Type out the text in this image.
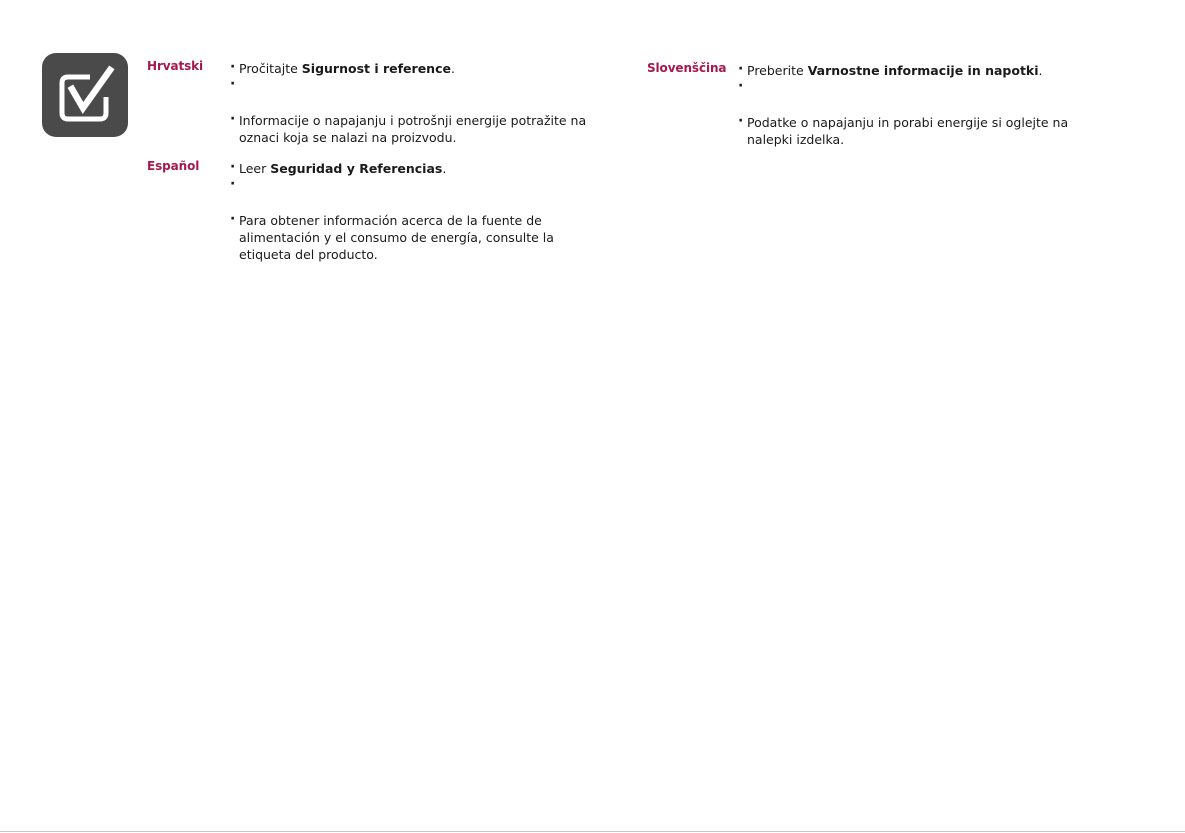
Hrvatski	· Pročitajte Sigurnost i reference.
·
· Informacije o napajanju i potrošnji energije potražite na oznaci koja se nalazi na proizvodu.
Español	· Leer Seguridad y Referencias.
·
· Para obtener información acerca de la fuente de alimentación y el consumo de energía, consulte la etiqueta del producto.
Slovenščina	· Preberite Varnostne informacije in napotki.
·
· Podatke o napajanju in porabi energije si oglejte na nalepki izdelka.
